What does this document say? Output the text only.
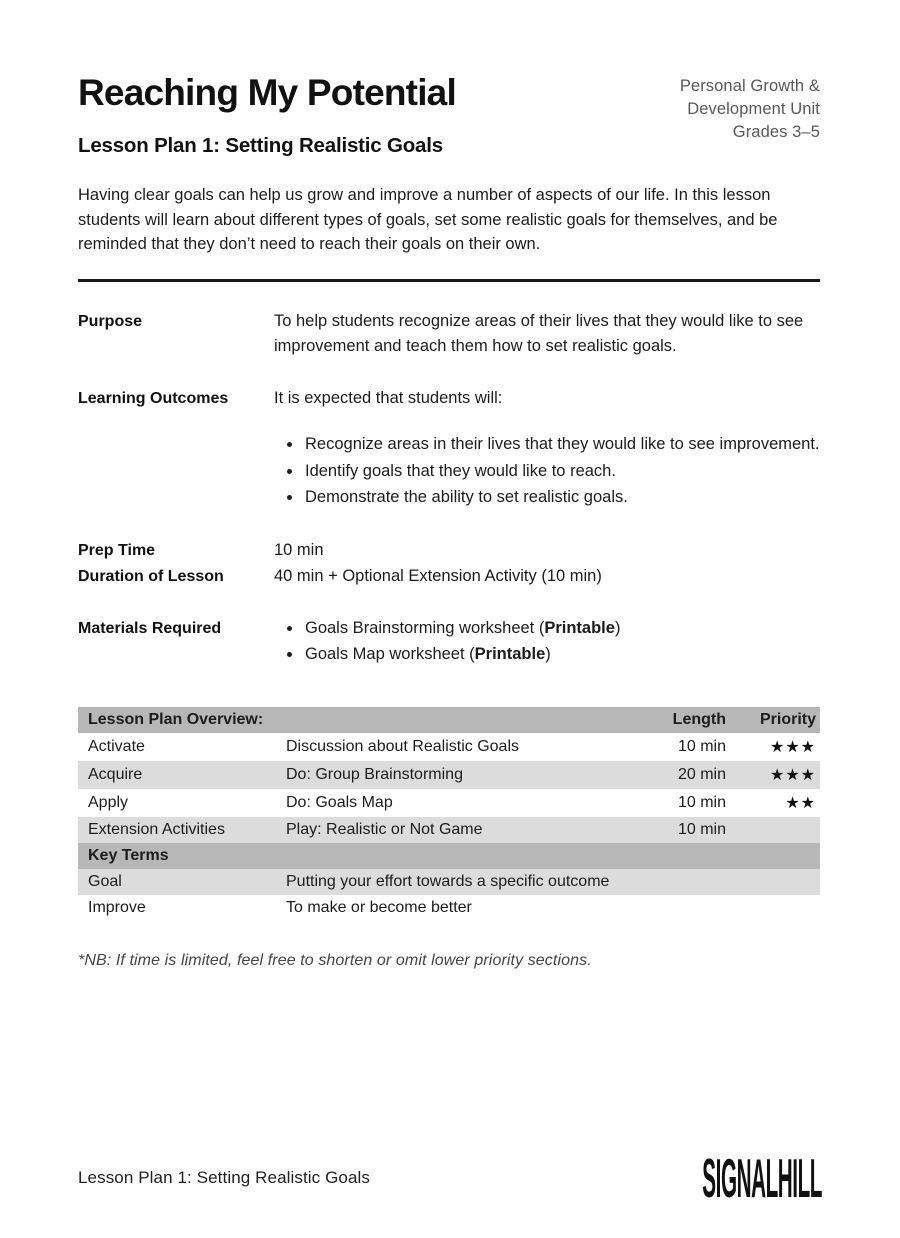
Reaching My Potential
Lesson Plan 1: Setting Realistic Goals
Personal Growth &
Development Unit
Grades 3–5

Having clear goals can help us grow and improve a number of aspects of our life. In this lesson students will learn about different types of goals, set some realistic goals for themselves, and be reminded that they don’t need to reach their goals on their own.

Purpose	To help students recognize areas of their lives that they would like to see improvement and teach them how to set realistic goals.
Learning Outcomes	It is expected that students will:
• Recognize areas in their lives that they would like to see improvement.
• Identify goals that they would like to reach.
• Demonstrate the ability to set realistic goals.
Prep Time	10 min
Duration of Lesson	40 min + Optional Extension Activity (10 min)
Materials Required	• Goals Brainstorming worksheet (Printable)
• Goals Map worksheet (Printable)
Lesson Plan Overview:	Length	Priority
Activate	Discussion about Realistic Goals	10 min	★★★
Acquire	Do: Group Brainstorming	20 min	★★★
Apply	Do: Goals Map	10 min	★★
Extension Activities	Play: Realistic or Not Game	10 min
Key Terms
Goal	Putting your effort towards a specific outcome
Improve	To make or become better
*NB: If time is limited, feel free to shorten or omit lower priority sections.
Lesson Plan 1: Setting Realistic Goals	SIGNALHILL
